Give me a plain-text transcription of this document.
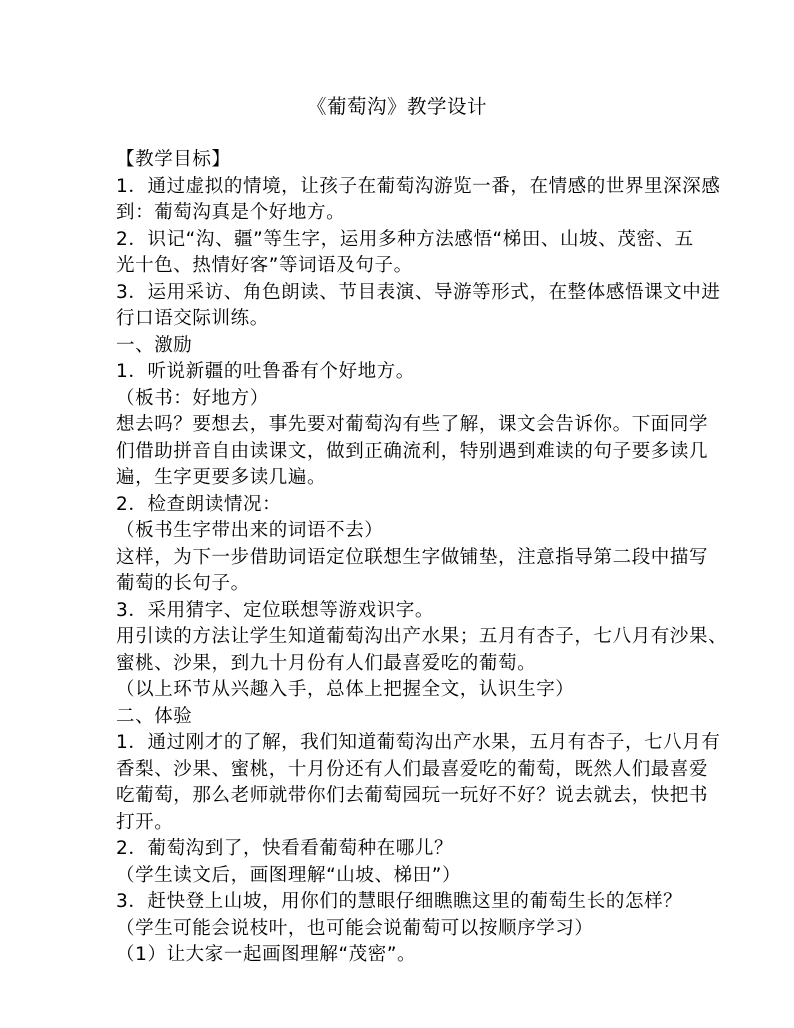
《葡萄沟》教学设计
【教学目标】
1．通过虚拟的情境，让孩子在葡萄沟游览一番，在情感的世界里深深感
到：葡萄沟真是个好地方。
2．识记“沟、疆”等生字，运用多种方法感悟“梯田、山坡、茂密、五
光十色、热情好客”等词语及句子。
3．运用采访、角色朗读、节目表演、导游等形式，在整体感悟课文中进
行口语交际训练。
一、激励
1．听说新疆的吐鲁番有个好地方。
（板书：好地方）
想去吗？要想去，事先要对葡萄沟有些了解，课文会告诉你。下面同学
们借助拼音自由读课文，做到正确流利，特别遇到难读的句子要多读几
遍，生字更要多读几遍。
2．检查朗读情况：
（板书生字带出来的词语不去）
这样，为下一步借助词语定位联想生字做铺垫，注意指导第二段中描写
葡萄的长句子。
3．采用猜字、定位联想等游戏识字。
用引读的方法让学生知道葡萄沟出产水果；五月有杏子，七八月有沙果、
蜜桃、沙果，到九十月份有人们最喜爱吃的葡萄。
（以上环节从兴趣入手，总体上把握全文，认识生字）
二、体验
1．通过刚才的了解，我们知道葡萄沟出产水果，五月有杏子，七八月有
香梨、沙果、蜜桃，十月份还有人们最喜爱吃的葡萄，既然人们最喜爱
吃葡萄，那么老师就带你们去葡萄园玩一玩好不好？说去就去，快把书
打开。
2．葡萄沟到了，快看看葡萄种在哪儿？
（学生读文后，画图理解“山坡、梯田”）
3．赶快登上山坡，用你们的慧眼仔细瞧瞧这里的葡萄生长的怎样？
（学生可能会说枝叶，也可能会说葡萄可以按顺序学习）
（1）让大家一起画图理解“茂密”。
